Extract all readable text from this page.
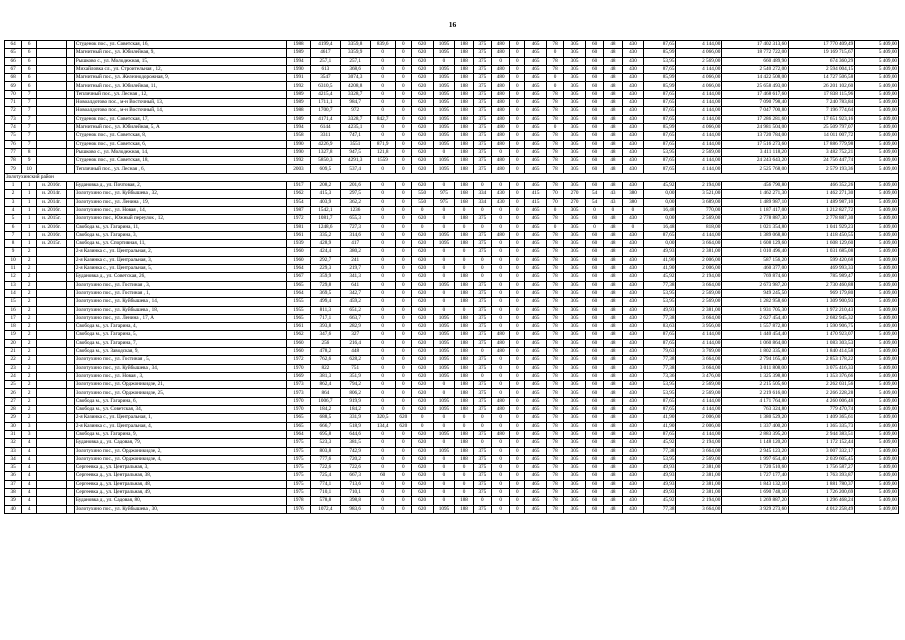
16
64	6			Студенок пос., ул. Советская, 16,	1988	4199,4	3359,8	839,6	0	620	1095	188	375	480	0	465	78	305	60	48	430	87,65	4 144,00	17 402 313,60	17 770 409,49	5 409,00
65	6			Магнитный пос., ул. Юбилейная, 9,	1989	4617	3359,9	0	0	620	1095	188	375	480	0	465	0	305	60	48	430	85,99	4 066,00	18 772 722,00	19 169 715,67	5 409,00
66	6			Рышково с., ул. Молодежная, 15,	1994	257,1	257,1	0	0	620	0	188	375	0	0	465	78	305	60	48	430	53,95	2 569,00	660 489,90	674 360,29	5 409,00
67	6			Михайловка сл., ул. Строительная , 12,	1990	613	368,6	0	0	620	1095	188	375	480	0	465	78	305	60	48	430	87,65	4 144,00	2 540 272,00	2 594 004,15	5 409,00
68	6			Магнитный пос., ул. Железнодорожная, 9,	1991	3547	3074,3	0	0	620	1095	188	375	480	0	465	0	305	60	48	430	85,99	4 066,00	14 422 508,00	14 727 506,58	5 409,00
69	6			Магнитный пос., ул. Юбилейная, 11,	1992	6310,5	4208,8	0	0	620	1095	188	375	480	0	465	0	305	60	48	430	85,99	4 066,00	25 658 493,00	26 201 102,60	5 409,00
70	7			Тепличный пос., ул. Лесная , 12,	1989	4215,4	3328,7	0	0	620	1095	188	375	480	0	465	78	305	60	48	430	87,65	4 144,00	17 468 617,60	17 838 115,96	5 409,00
71	7			Новоалдотово пос., м-н Восточный, 13,	1989	1711,1	984,7	0	0	620	1095	188	375	480	0	465	78	305	60	48	430	87,65	4 144,00	7 090 798,40	7 240 783,84	5 409,00
72	7			Новоалдотово пос., м-н Восточный, 14,	1988	1700,7	972	0	0	620	1095	188	375	480	0	465	78	305	60	48	430	87,65	4 144,00	7 047 700,80	7 196 774,64	5 409,00
73	7			Студенок пос., ул. Советская, 17,	1989	4171,4	3328,7	842,7	0	620	1095	188	375	480	0	465	78	305	60	48	430	87,65	4 144,00	17 286 281,60	17 651 923,16	5 409,00
74	7			Магнитный пос., ул. Юбилейная, 5, А	1994	6144	4235,1	0	0	620	1095	188	375	480	0	465	0	305	60	48	430	85,99	4 066,00	24 981 504,00	25 509 797,07	5 409,00
75	7			Студенок пос., ул. Советская, 8,	1958	3311	747,1	0	0	620	1095	188	375	480	0	465	78	305	60	48	430	87,65	4 144,00	13 720 784,00	14 011 007,72	5 409,00
76	7			Студенок пос., ул. Советская, 6,	1990	4226,9	3551	871,9	0	620	1095	188	375	480	0	465	78	305	60	48	430	87,65	4 144,00	17 516 273,60	17 886 779,98	5 409,00
77	8			Рышково с., ул. Молодежная, 14,	1990	1327,8	947,5	121,8	0	620	0	188	375	0	0	465	78	305	60	48	430	53,95	2 569,00	3 411 118,20	3 482 752,21	5 409,00
78	9			Студенок пос., ул. Советская, 18,	1992	5850,3	4291,3	1559	0	620	1095	188	375	480	0	465	78	305	60	48	430	87,65	4 144,00	24 243 643,20	24 756 447,74	5 409,00
79	10			Тепличный пос., ул. Лесная , 6,	2003	609,5	537,4	0	0	620	1095	188	375	480	0	465	78	305	60	48	430	87,65	4 144,00	2 525 768,00	2 579 193,36	5 409,00
Золотухинский район																										
1	1	и. 2016г.		Будановка д., ул. Почтовая, 2,	1917	208,2	201,6	0	0	620	0	188	0	0	0	465	78	305	60	48	430	45,92	2 194,00	456 790,80	466 352,26	5 409,00
2	1	и. 2014г.		Золотухино пос., ул. Куйбышева , 32,	1962	415,3	297,5	0	0	550	975	168	334	430	0	415	70	270	54	43	380	0,00	3 521,00	1 462 271,30	1 462 271,30	5 409,00
3	1	и. 2014г.		Золотухино пос., ул. Ленина , 19,	1954	403,9	362,2	0	0	550	975	168	334	430	0	415	70	270	54	43	380	0,00	3 689,00	1 489 987,10	1 489 987,10	5 409,00
4	1	и. 2016г.		Золотухино пос., ул. Новая , 14,	1987	1542,1	1236	0	0	0	0	0	0	0	0	465	0	305	0	0	0	16,48	770,00	1 187 417,00	1 212 827,72	5 409,00
5	1	и. 2015г.		Золотухино пос., Южный переулок , 12,	1972	1081,7	655,3	0	0	620	0	188	375	0	0	465	78	305	60	48	430	0,00	2 569,00	2 778 887,30	2 778 887,30	5 409,00
6	1	и. 2016г.		Свобода м., ул. Гагарина, 11,	1981	1248,6	727,3	0	0	0	0	0	0	0	0	465	0	305	0	48	0	16,48	818,00	1 021 354,80	1 041 929,23	5 409,00
7	1	и. 2016г.		Свобода м., ул. Гагарина, 3,	1961	335,2	314,6	0	0	620	1095	188	375	480	0	465	78	305	60	48	430	87,65	4 144,00	1 389 068,80	1 418 450,55	5 409,00
8	1	и. 2015г.		Свобода м., ул. Спортивная, 11,	1939	428,9	417	0	0	620	1095	188	375	0	0	465	78	305	60	48	430	0,00	3 664,00	1 608 129,60	1 608 129,60	5 409,00
9	2			2-я Казинка с., ул. Центральная, 2,	1960	424,4	380,2	0	0	620	0	0	375	0	0	465	78	305	60	48	430	49,93	2 381,00	1 010 496,40	1 031 685,08	5 409,00
10	2			2-я Казинка с., ул. Центральная, 3,	1960	292,7	241	0	0	620	0	0	0	0	0	465	78	305	60	48	430	41,90	2 006,00	587 156,20	599 420,68	5 409,00
11	2			2-я Казинка с., ул. Центральная, 5,	1964	229,3	219,7	0	0	620	0	0	0	0	0	465	78	305	60	48	430	41,90	2 006,00	460 377,00	469 993,33	5 409,00
12	2			Будановка д., ул. Советская, 26,	1967	359,9	341,3	0	0	620	0	188	0	0	0	465	78	305	60	48	430	45,92	2 194,00	769 874,60	785 989,47	5 409,00
13	2			Золотухино пос., ул. Гостиная , 3,	1965	729,8	641	0	0	620	1095	188	375	0	0	465	78	305	60	48	430	77,38	3 664,00	2 673 987,20	2 730 460,88	5 409,00
14	2			Золотухино пос., ул. Гостиная , 1,	1964	369,5	342,7	0	0	620	0	188	375	0	0	465	78	305	60	48	430	53,95	2 569,00	949 245,50	969 179,80	5 409,00
15	2			Золотухино пос., ул. Куйбышева , 14,	1955	499,4	459,2	0	0	620	0	188	375	0	0	465	78	305	60	48	430	53,95	2 569,00	1 282 958,60	1 309 900,93	5 409,00
16	2			Золотухино пос., ул. Куйбышева , 18,	1955	811,3	651,2	0	0	620	0	0	375	0	0	465	78	305	60	48	430	49,93	2 381,00	1 931 705,30	1 972 210,43	5 409,00
17	2			Золотухино пос., ул. Ленина , 17, А	1965	717,1	663,7	0	0	620	1095	188	375	0	0	465	78	305	60	48	430	77,38	3 664,00	2 627 454,40	2 682 945,32	5 409,00
18	2			Свобода м., ул. Гагарина, 4,	1961	393,8	282,9	0	0	620	1095	188	375	0	0	465	78	305	60	48	430	83,63	3 956,00	1 557 872,80	1 590 906,75	5 409,00
19	2			Свобода м., ул. Гагарина, 5,	1962	347,6	327	0	0	620	1095	188	375	480	0	465	78	305	60	48	430	87,65	4 144,00	1 440 454,40	1 470 923,07	5 409,00
20	2			Свобода м., ул. Гагарина, 7,	1960	256	216,4	0	0	620	1095	188	375	480	0	465	78	305	60	48	430	87,65	4 144,00	1 060 864,00	1 083 303,53	5 409,00
21	2			Свобода м., ул. Заводская, 9,	1960	478,2	448	0	0	620	1095	188	0	480	0	465	78	305	60	48	430	79,63	3 769,00	1 802 335,80	1 840 414,58	5 409,00
22	2			Золотухино пос., ул. Гостиная , 5,	1972	762,6	628,2	0	0	620	1095	188	375	0	0	465	78	305	60	48	430	77,38	3 664,00	2 794 165,40	2 853 178,22	5 409,00
23	2			Золотухино пос., ул. Куйбышева , 34,	1970	822	751	0	0	620	1095	188	375	0	0	465	78	305	60	48	430	77,38	3 664,00	3 011 808,00	3 075 416,33	5 409,00
24	2			Золотухино пос., ул. Новая , 3,	1969	381,3	351,9	0	0	620	1095	188	0	0	0	465	78	305	60	48	430	73,36	3 476,00	1 325 398,80	1 353 376,66	5 409,00
25	2			Золотухино пос., ул. Орджоникидзе, 21,	1973	862,4	794,2	0	0	620	0	188	375	0	0	465	78	305	60	48	430	53,95	2 569,00	2 215 505,60	2 262 031,56	5 409,00
26	2			Золотухино пос., ул. Орджоникидзе, 25,	1973	864	806,2	0	0	620	0	188	375	0	0	465	78	305	60	48	430	53,95	2 569,00	2 219 616,00	2 266 228,28	5 409,00
27	2			Свобода м., ул. Гагарина, 6,	1970	1006,7	919,9	0	0	620	1095	188	375	480	0	465	78	305	60	48	430	87,65	4 144,00	4 171 764,80	4 260 006,48	5 409,00
28	2			Свобода м., ул. Советская, 34,	1970	184,2	184,2	0	0	620	1095	188	375	480	0	465	78	305	60	48	430	87,65	4 144,00	763 324,80	779 470,74	5 409,00
29	2			2-я Казинка с., ул. Центральная, 1,	1965	688,5	331,9	320,5	620	0	0	0	0	0	0	465	78	305	60	48	430	41,90	2 006,00	1 380 529,20	1 409 365,61	5 409,00
30	3			2-я Казинка с., ул. Центральная, 4,	1965	666,7	518,9	134,4	620	0	0	0	0	0	0	465	78	305	60	48	430	41,90	2 006,00	1 337 400,20	1 365 335,73	5 409,00
31	3			Свобода м., ул. Гагарина, 9,	1964	695,8	644,6	0	0	620	1095	188	375	480	0	465	78	305	60	48	430	87,65	4 144,00	2 883 395,20	2 944 383,51	5 409,00
32	4			Будановка д., ул. Садовая, 79,	1975	523,3	381,5	0	0	620	0	188	0	0	0	465	78	305	60	48	430	45,92	2 194,00	1 148 120,20	1 172 152,44	5 409,00
33	4			Золотухино пос., ул. Орджоникидзе, 2,	1975	803,8	742,9	0	0	620	1095	188	375	0	0	465	78	305	60	48	430	77,38	3 664,00	2 945 123,20	3 007 332,17	5 409,00
34	4			Золотухино пос., ул. Орджоникидзе, 4,	1975	777,6	720,2	0	0	620	0	188	375	0	0	465	78	305	60	48	430	53,95	2 569,00	1 997 654,40	2 039 605,45	5 409,00
35	4			Сергеевка д., ул. Центральная, 3,	1975	722,6	722,6	0	0	620	0	0	375	0	0	465	78	305	60	48	430	49,93	2 381,00	1 720 510,60	1 756 587,27	5 409,00
36	4			Сергеевка д., ул. Центральная, 38,	1975	725,4	667,3	60	0	620	0	0	375	0	0	465	78	305	60	48	430	49,93	2 381,00	1 727 177,40	1 763 393,87	5 409,00
37	4			Сергеевка д., ул. Центральная, 48,	1975	774,1	713,6	0	0	620	0	0	375	0	0	465	78	305	60	48	430	49,93	2 381,00	1 843 132,10	1 881 780,37	5 409,00
38	4			Сергеевка д., ул. Центральная, 49,	1975	710,1	710,1	0	0	620	0	0	375	0	0	465	78	305	60	48	430	49,93	2 381,00	1 690 748,10	1 726 200,69	5 409,00
39	4			Будановка д., ул. Садовая, 80,	1978	578,8	398,8	0	0	620	0	188	0	0	0	465	78	305	60	48	430	45,92	2 194,00	1 269 887,20	1 296 468,24	5 409,00
40	4			Золотухино пос., ул. Куйбышева , 30,	1976	1072,4	983,6	0	0	620	1095	188	375	0	0	465	78	305	60	48	430	77,38	3 664,00	3 929 273,60	4 012 258,49	5 409,00
